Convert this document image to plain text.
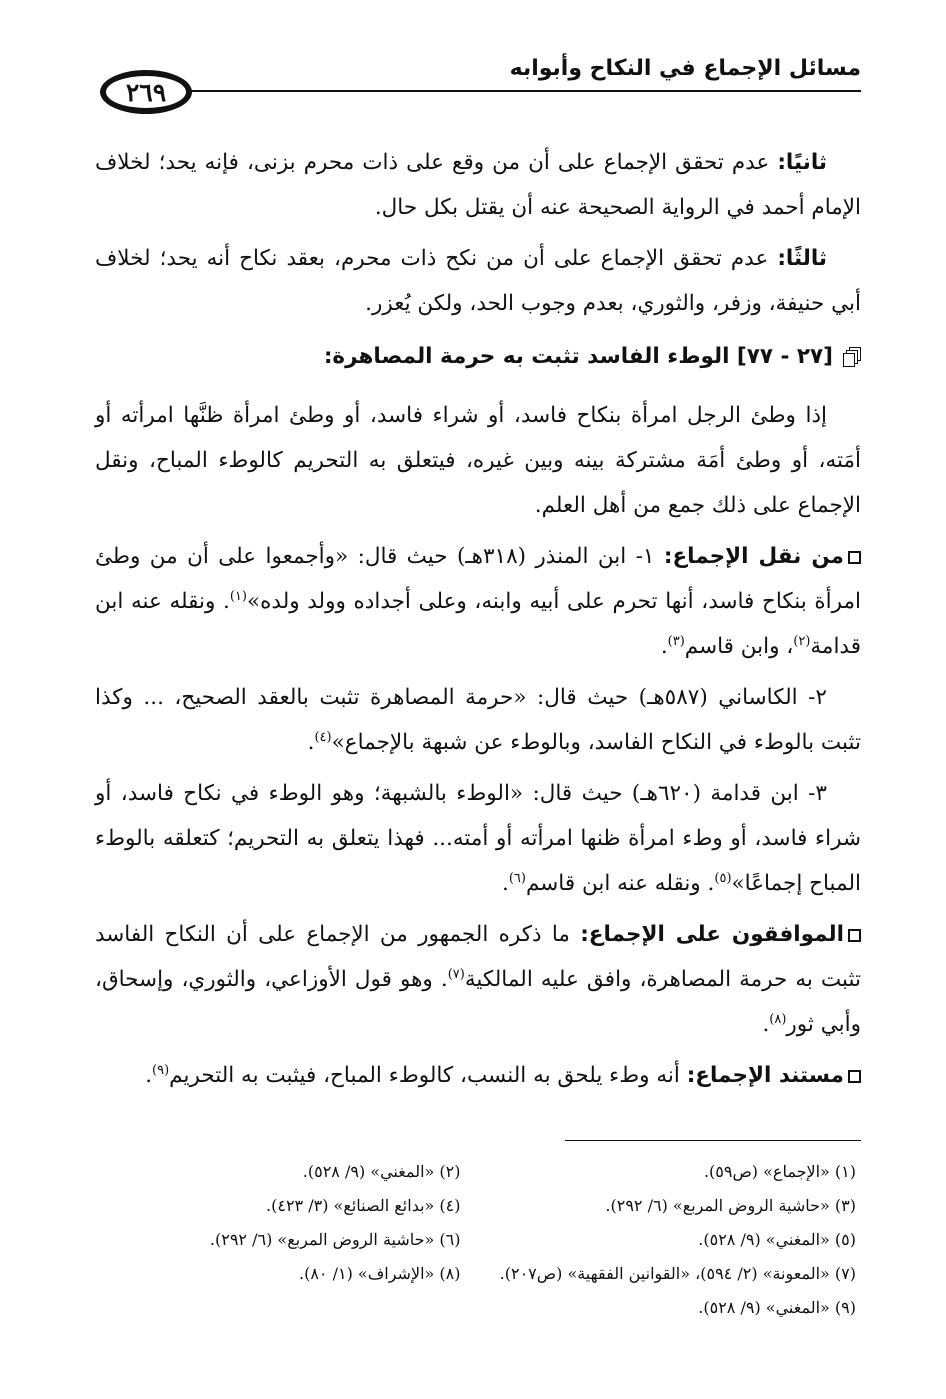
مسائل الإجماع في النكاح وأبوابه
٢٦٩

ثانيًا: عدم تحقق الإجماع على أن من وقع على ذات محرم بزنى، فإنه يحد؛ لخلاف الإمام أحمد في الرواية الصحيحة عنه أن يقتل بكل حال.

ثالثًا: عدم تحقق الإجماع على أن من نكح ذات محرم، بعقد نكاح أنه يحد؛ لخلاف أبي حنيفة، وزفر، والثوري، بعدم وجوب الحد، ولكن يُعزر.

[٢٧ - ٧٧] الوطء الفاسد تثبت به حرمة المصاهرة:

إذا وطئ الرجل امرأة بنكاح فاسد، أو شراء فاسد، أو وطئ امرأة ظنَّها امرأته أو أمَته، أو وطئ أمَة مشتركة بينه وبين غيره، فيتعلق به التحريم كالوطء المباح، ونقل الإجماع على ذلك جمع من أهل العلم.

من نقل الإجماع: ١- ابن المنذر (٣١٨هـ) حيث قال: «وأجمعوا على أن من وطئ امرأة بنكاح فاسد، أنها تحرم على أبيه وابنه، وعلى أجداده وولد ولده»$^{(١)}$. ونقله عنه ابن قدامة$^{(٢)}$، وابن قاسم$^{(٣)}$.

٢- الكاساني (٥٨٧هـ) حيث قال: «حرمة المصاهرة تثبت بالعقد الصحيح، ... وكذا تثبت بالوطء في النكاح الفاسد، وبالوطء عن شبهة بالإجماع»$^{(٤)}$.

٣- ابن قدامة (٦٢٠هـ) حيث قال: «الوطء بالشبهة؛ وهو الوطء في نكاح فاسد، أو شراء فاسد، أو وطء امرأة ظنها امرأته أو أمته... فهذا يتعلق به التحريم؛ كتعلقه بالوطء المباح إجماعًا»$^{(٥)}$. ونقله عنه ابن قاسم$^{(٦)}$.

الموافقون على الإجماع: ما ذكره الجمهور من الإجماع على أن النكاح الفاسد تثبت به حرمة المصاهرة، وافق عليه المالكية$^{(٧)}$. وهو قول الأوزاعي، والثوري، وإسحاق، وأبي ثور$^{(٨)}$.

مستند الإجماع: أنه وطء يلحق به النسب، كالوطء المباح، فيثبت به التحريم$^{(٩)}$.

(١) «الإجماع» (ص٥٩).
(٢) «المغني» (٩/ ٥٢٨).
(٣) «حاشية الروض المربع» (٦/ ٢٩٢).
(٤) «بدائع الصنائع» (٣/ ٤٢٣).
(٥) «المغني» (٩/ ٥٢٨).
(٦) «حاشية الروض المربع» (٦/ ٢٩٢).
(٧) «المعونة» (٢/ ٥٩٤)، «القوانين الفقهية» (ص٢٠٧).
(٨) «الإشراف» (١/ ٨٠).
(٩) «المغني» (٩/ ٥٢٨).
